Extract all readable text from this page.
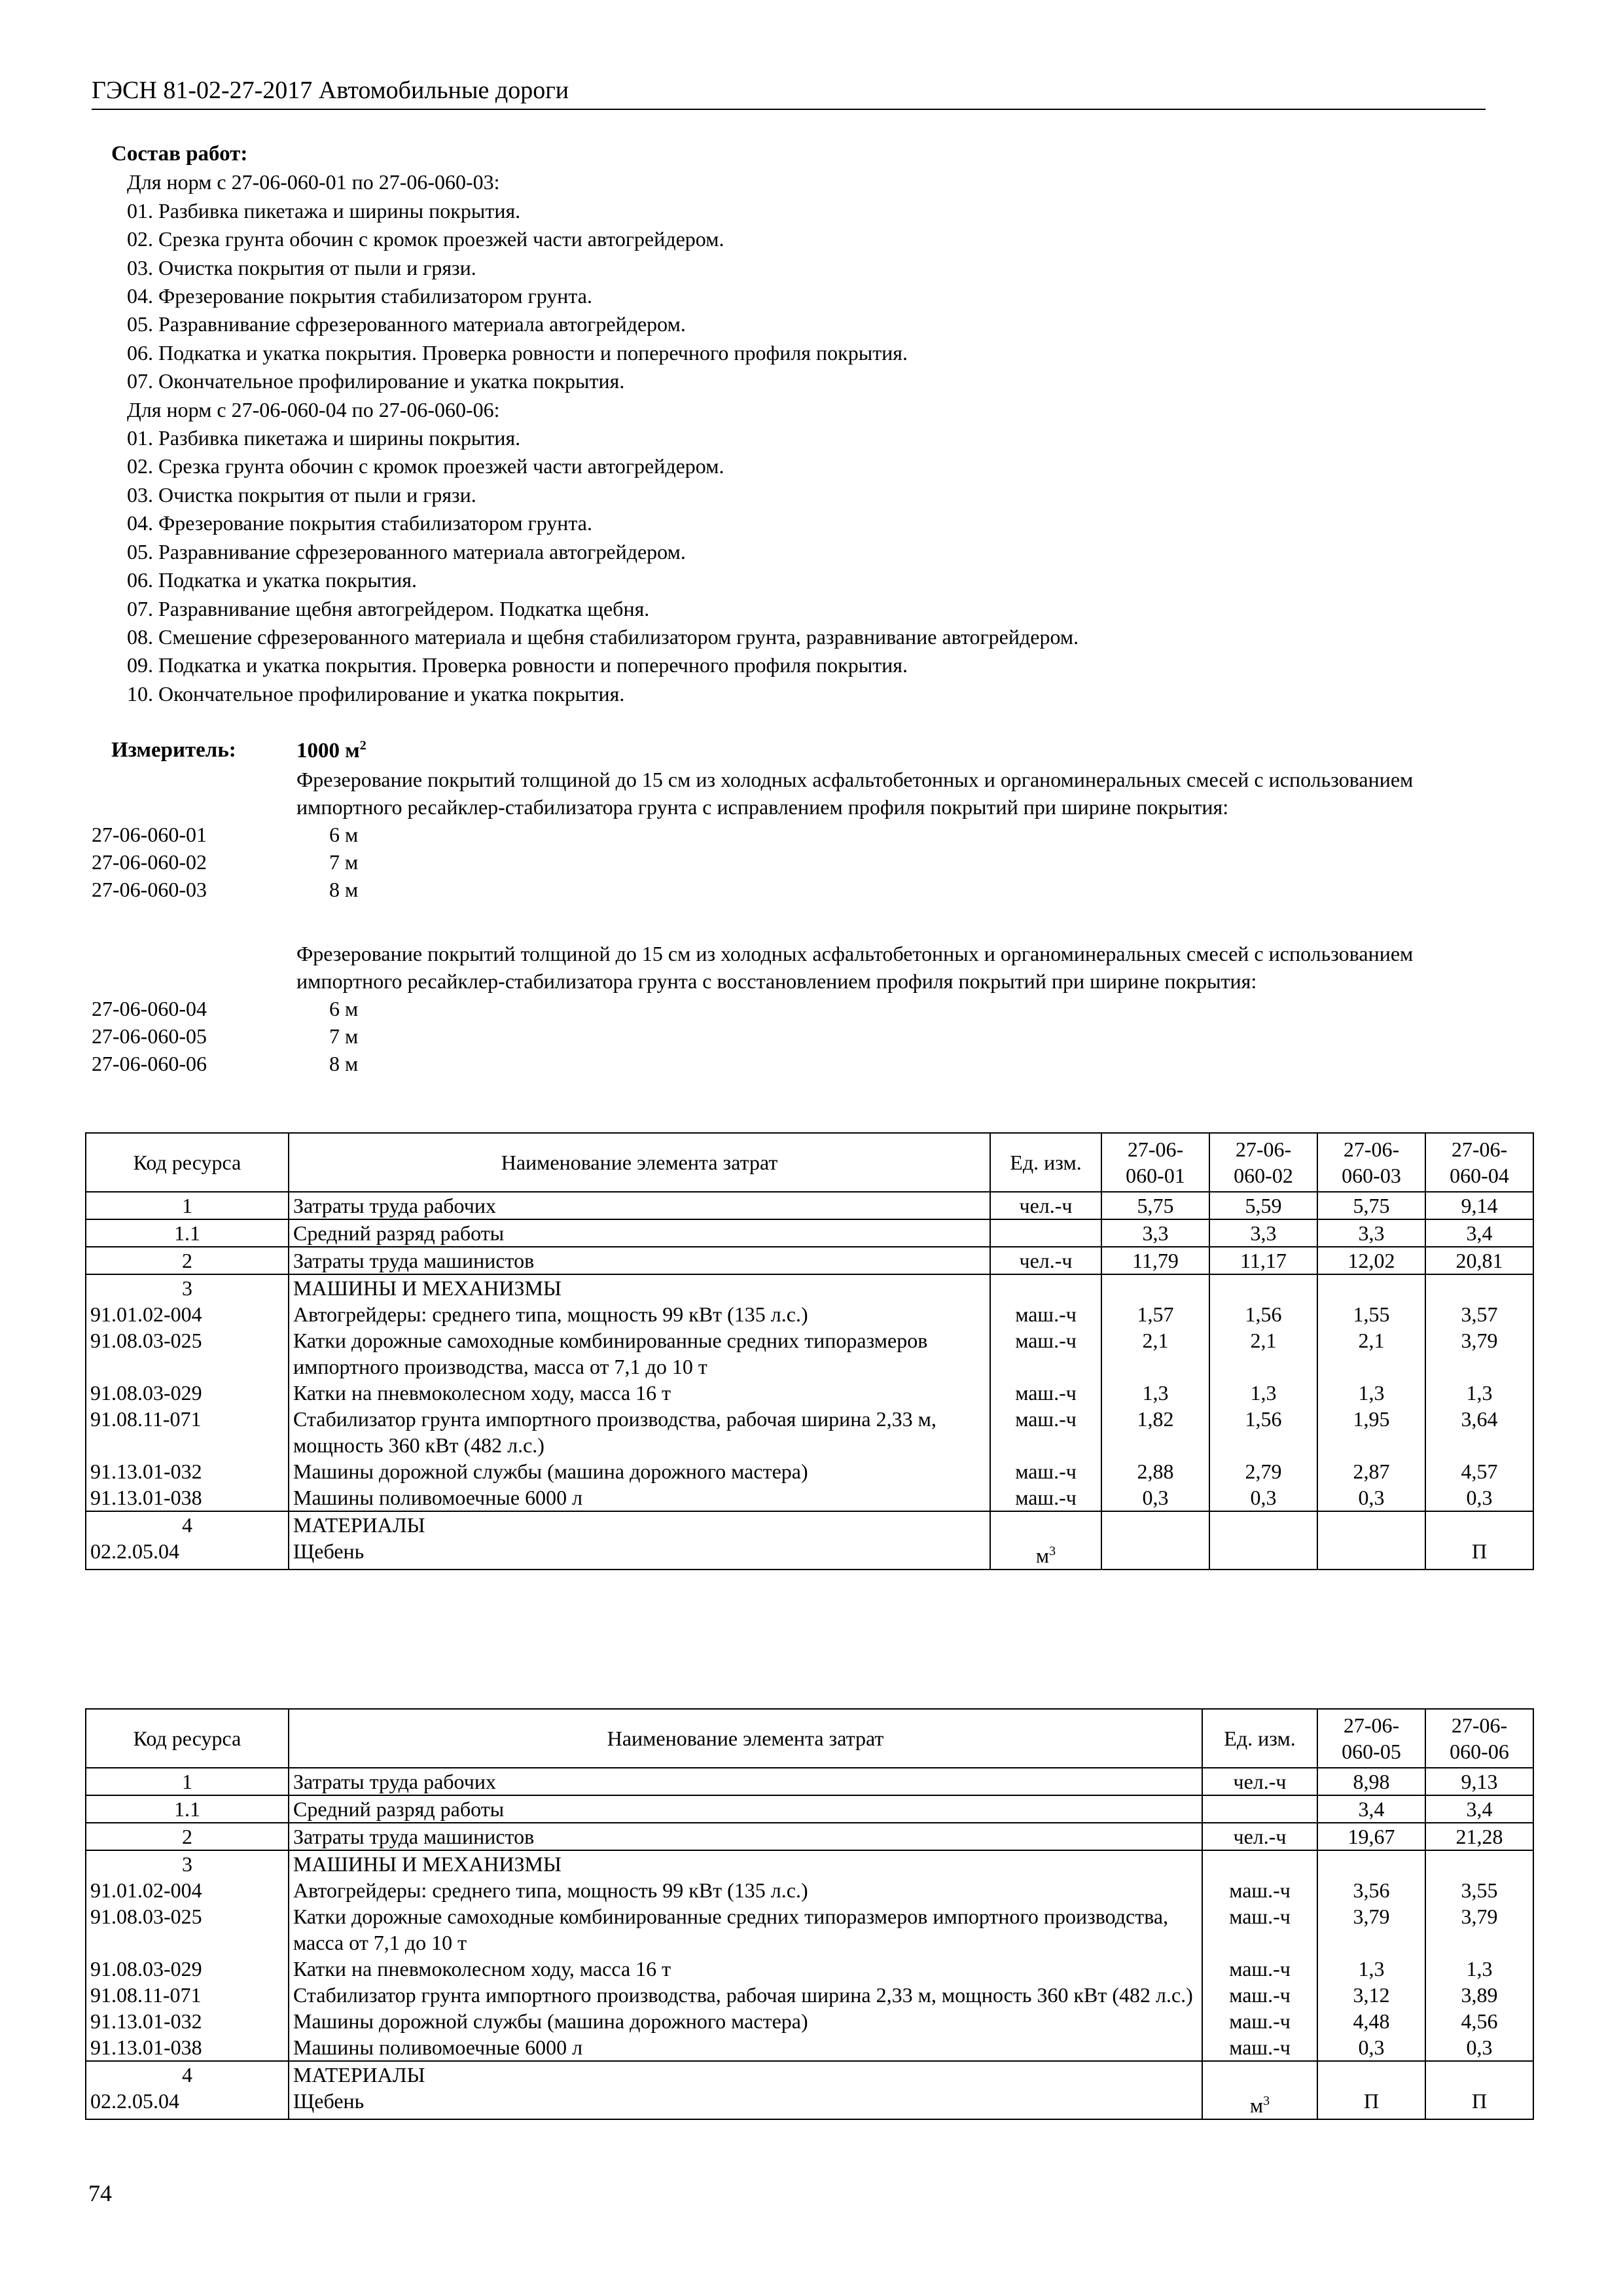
ГЭСН 81-02-27-2017 Автомобильные дороги
Состав работ:
Для норм с 27-06-060-01 по 27-06-060-03:
01. Разбивка пикетажа и ширины покрытия.
02. Срезка грунта обочин с кромок проезжей части автогрейдером.
03. Очистка покрытия от пыли и грязи.
04. Фрезерование покрытия стабилизатором грунта.
05. Разравнивание сфрезерованного материала автогрейдером.
06. Подкатка и укатка покрытия. Проверка ровности и поперечного профиля покрытия.
07. Окончательное профилирование и укатка покрытия.
Для норм с 27-06-060-04 по 27-06-060-06:
01. Разбивка пикетажа и ширины покрытия.
02. Срезка грунта обочин с кромок проезжей части автогрейдером.
03. Очистка покрытия от пыли и грязи.
04. Фрезерование покрытия стабилизатором грунта.
05. Разравнивание сфрезерованного материала автогрейдером.
06. Подкатка и укатка покрытия.
07. Разравнивание щебня автогрейдером. Подкатка щебня.
08. Смешение сфрезерованного материала и щебня стабилизатором грунта, разравнивание автогрейдером.
09. Подкатка и укатка покрытия. Проверка ровности и поперечного профиля покрытия.
10. Окончательное профилирование и укатка покрытия.
Измеритель:	1000 $м^2$
Фрезерование покрытий толщиной до 15 см из холодных асфальтобетонных и органоминеральных смесей с использованием импортного ресайклер-стабилизатора грунта с исправлением профиля покрытий при ширине покрытия:
27-06-060-01	6 м
27-06-060-02	7 м
27-06-060-03	8 м
Фрезерование покрытий толщиной до 15 см из холодных асфальтобетонных и органоминеральных смесей с использованием импортного ресайклер-стабилизатора грунта с восстановлением профиля покрытий при ширине покрытия:
27-06-060-04	6 м
27-06-060-05	7 м
27-06-060-06	8 м
Код ресурса	Наименование элемента затрат	Ед. изм.	27-06-
060-01	27-06-
060-02	27-06-
060-03	27-06-
060-04
1	Затраты труда рабочих	чел.-ч	5,75	5,59	5,75	9,14
1.1	Средний разряд работы		3,3	3,3	3,3	3,4
2	Затраты труда машинистов	чел.-ч	11,79	11,17	12,02	20,81
3	МАШИНЫ И МЕХАНИЗМЫ					
91.01.02-004	Автогрейдеры: среднего типа, мощность 99 кВт (135 л.с.)	маш.-ч	1,57	1,56	1,55	3,57
91.08.03-025	Катки дорожные самоходные комбинированные средних типоразмеров импортного производства, масса от 7,1 до 10 т	маш.-ч	2,1	2,1	2,1	3,79
91.08.03-029	Катки на пневмоколесном ходу, масса 16 т	маш.-ч	1,3	1,3	1,3	1,3
91.08.11-071	Стабилизатор грунта импортного производства, рабочая ширина 2,33 м, мощность 360 кВт (482 л.с.)	маш.-ч	1,82	1,56	1,95	3,64
91.13.01-032	Машины дорожной службы (машина дорожного мастера)	маш.-ч	2,88	2,79	2,87	4,57
91.13.01-038	Машины поливомоечные 6000 л	маш.-ч	0,3	0,3	0,3	0,3
4	МАТЕРИАЛЫ					
02.2.05.04	Щебень	$м^3$				П
Код ресурса	Наименование элемента затрат	Ед. изм.	27-06-
060-05	27-06-
060-06
1	Затраты труда рабочих	чел.-ч	8,98	9,13
1.1	Средний разряд работы		3,4	3,4
2	Затраты труда машинистов	чел.-ч	19,67	21,28
3	МАШИНЫ И МЕХАНИЗМЫ			
91.01.02-004	Автогрейдеры: среднего типа, мощность 99 кВт (135 л.с.)	маш.-ч	3,56	3,55
91.08.03-025	Катки дорожные самоходные комбинированные средних типоразмеров импортного производства, масса от 7,1 до 10 т	маш.-ч	3,79	3,79
91.08.03-029	Катки на пневмоколесном ходу, масса 16 т	маш.-ч	1,3	1,3
91.08.11-071	Стабилизатор грунта импортного производства, рабочая ширина 2,33 м, мощность 360 кВт (482 л.с.)	маш.-ч	3,12	3,89
91.13.01-032	Машины дорожной службы (машина дорожного мастера)	маш.-ч	4,48	4,56
91.13.01-038	Машины поливомоечные 6000 л	маш.-ч	0,3	0,3
4	МАТЕРИАЛЫ			
02.2.05.04	Щебень	$м^3$	П	П
74
